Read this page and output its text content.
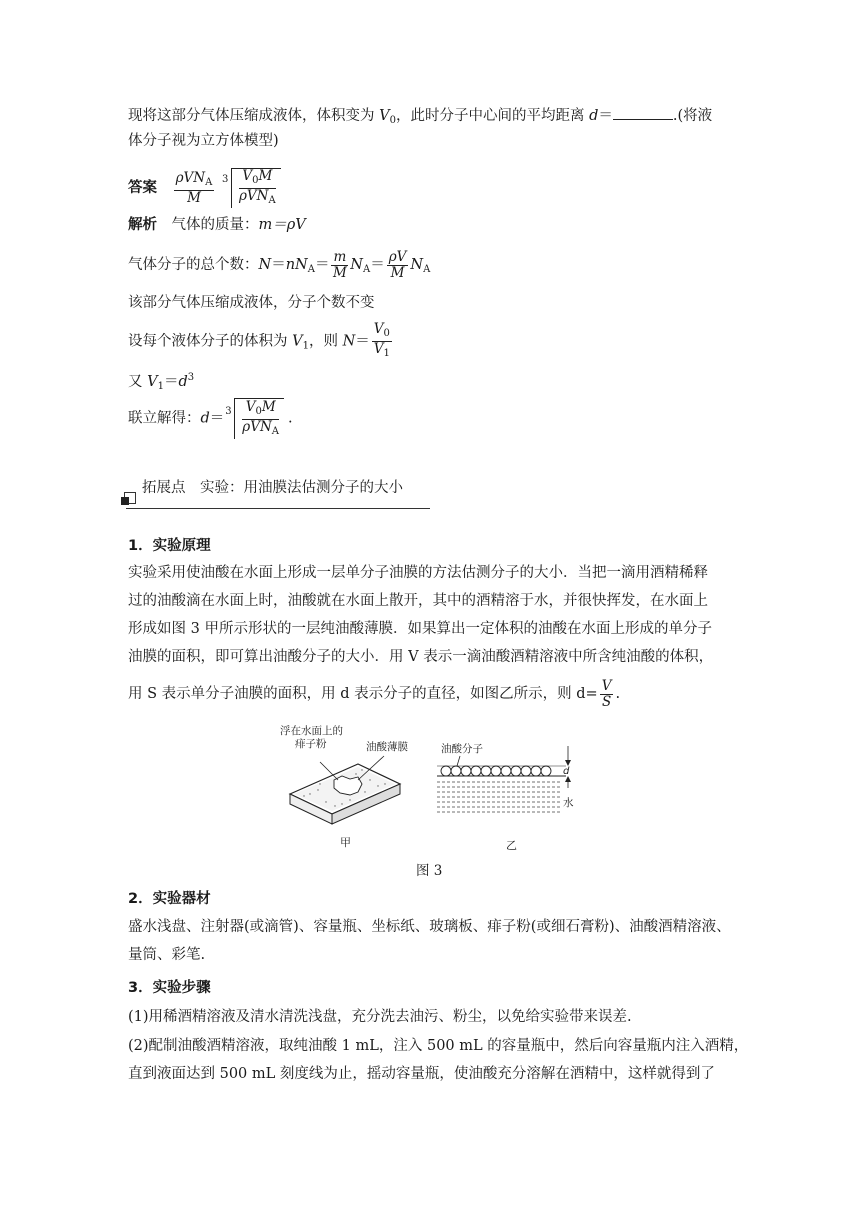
现将这部分气体压缩成液体，体积变为 $V_0$，此时分子中心间的平均距离 d＝	.(将液
体分子视为立方体模型)
答案 $\frac{\rho VN_A}{M}$
$3 \frac{V_0M}{\rho VN_A}$
解析　 气体的质量：m＝ρV
气体分子的总个数：$N=nN_A= \frac{m}{M} N_A= \frac{\rho V}{M} N_A$
该部分气体压缩成液体，分子个数不变
设每个液体分子的体积为 $V_1$，则 $N= \frac{V_0}{V_1}$
又 $V_1=d^3$
联立解得：$d= 3 \frac{V_0M}{\rho VN_A}$ .
拓展点　实验：用油膜法估测分子的大小
1．实验原理
实验采用使油酸在水面上形成一层单分子油膜的方法估测分子的大小．当把一滴用酒精稀释
过的油酸滴在水面上时，油酸就在水面上散开，其中的酒精溶于水，并很快挥发，在水面上
形成如图 3 甲所示形状的一层纯油酸薄膜．如果算出一定体积的油酸在水面上形成的单分子
油膜的面积，即可算出油酸分子的大小．用 V 表示一滴油酸酒精溶液中所含纯油酸的体积，
用 S 表示单分子油膜的面积，用 d 表示分子的直径，如图乙所示，则 $d= \frac{V}{S}$ .
浮在水面上的
痱子粉	油酸薄膜	油酸分子
d
水
甲	乙
图 3
2．实验器材
盛水浅盘、注射器(或滴管)、容量瓶、坐标纸、玻璃板、痱子粉(或细石膏粉)、油酸酒精溶液、
量筒、彩笔.
3．实验步骤
(1)用稀酒精溶液及清水清洗浅盘，充分洗去油污、粉尘，以免给实验带来误差.
(2)配制油酸酒精溶液，取纯油酸 1 mL，注入 500 mL 的容量瓶中，然后向容量瓶内注入酒精，
直到液面达到 500 mL 刻度线为止，摇动容量瓶，使油酸充分溶解在酒精中，这样就得到了
